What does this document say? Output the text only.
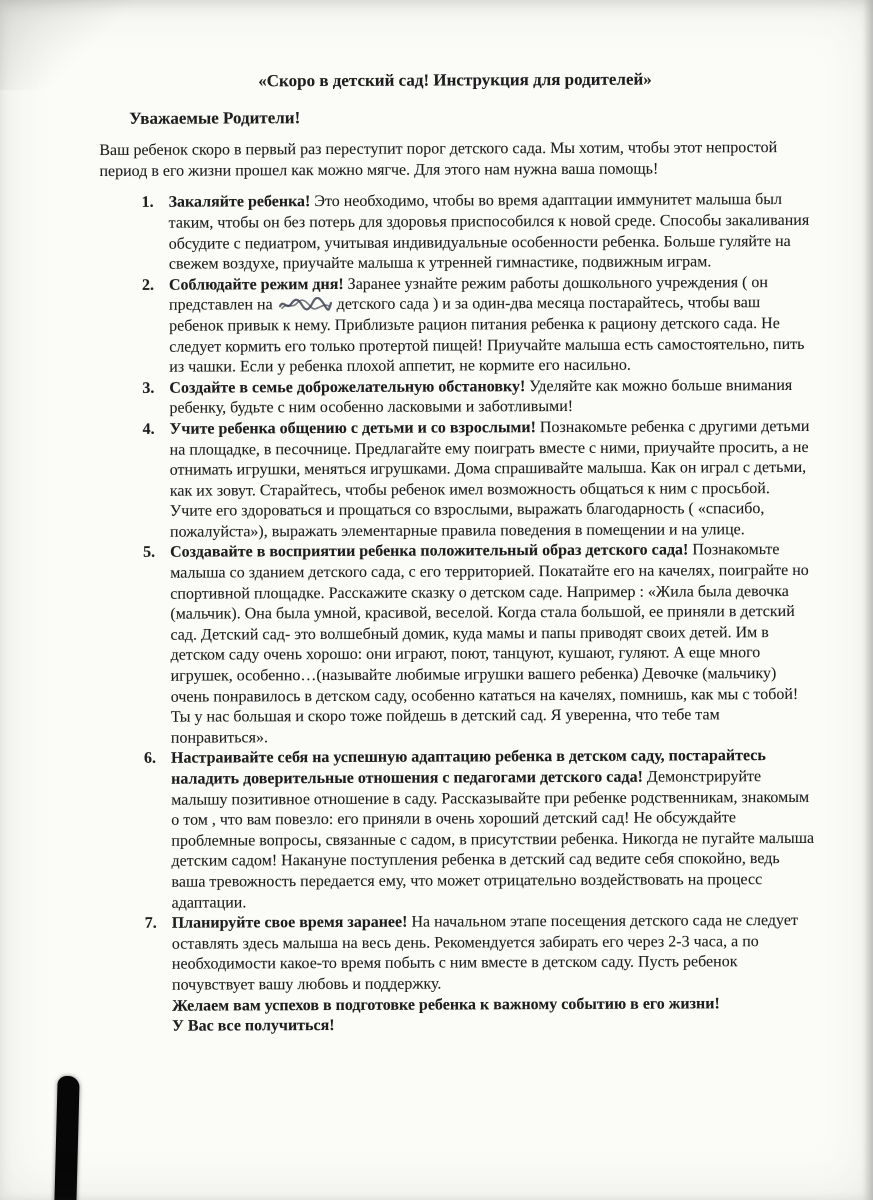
«Скоро в детский сад! Инструкция для родителей»
Уважаемые Родители!
Ваш ребенок скоро в первый раз переступит порог детского сада. Мы хотим, чтобы этот непростой период в его жизни прошел как можно мягче. Для этого нам нужна ваша помощь!
1. Закаляйте ребенка! Это необходимо, чтобы во время адаптации иммунитет малыша был таким, чтобы он без потерь для здоровья приспособился к новой среде. Способы закаливания обсудите с педиатром, учитывая индивидуальные особенности ребенка. Больше гуляйте на свежем воздухе, приучайте малыша к утренней гимнастике, подвижным играм.
2. Соблюдайте режим дня! Заранее узнайте режим работы дошкольного учреждения ( он представлен на	детского сада ) и за один-два месяца постарайтесь, чтобы ваш ребенок привык к нему. Приблизьте рацион питания ребенка к рациону детского сада. Не следует кормить его только протертой пищей! Приучайте малыша есть самостоятельно, пить из чашки. Если у ребенка плохой аппетит, не кормите его насильно.
3. Создайте в семье доброжелательную обстановку! Уделяйте как можно больше внимания ребенку, будьте с ним особенно ласковыми и заботливыми!
4. Учите ребенка общению с детьми и со взрослыми! Познакомьте ребенка с другими детьми на площадке, в песочнице. Предлагайте ему поиграть вместе с ними, приучайте просить, а не отнимать игрушки, меняться игрушками. Дома спрашивайте малыша. Как он играл с детьми, как их зовут. Старайтесь, чтобы ребенок имел возможность общаться к ним с просьбой. Учите его здороваться и прощаться со взрослыми, выражать благодарность ( «спасибо, пожалуйста»), выражать элементарные правила поведения в помещении и на улице.
5. Создавайте в восприятии ребенка положительный образ детского сада! Познакомьте малыша со зданием детского сада, с его территорией. Покатайте его на качелях, поиграйте но спортивной площадке. Расскажите сказку о детском саде. Например : «Жила была девочка (мальчик). Она была умной, красивой, веселой. Когда стала большой, ее приняли в детский сад. Детский сад- это волшебный домик, куда мамы и папы приводят своих детей. Им в детском саду очень хорошо: они играют, поют, танцуют, кушают, гуляют. А еще много игрушек, особенно…(называйте любимые игрушки вашего ребенка) Девочке (мальчику) очень понравилось в детском саду, особенно кататься на качелях, помнишь, как мы с тобой! Ты у нас большая и скоро тоже пойдешь в детский сад. Я уверенна, что тебе там понравиться».
6. Настраивайте себя на успешную адаптацию ребенка в детском саду, постарайтесь наладить доверительные отношения с педагогами детского сада! Демонстрируйте малышу позитивное отношение в саду. Рассказывайте при ребенке родственникам, знакомым о том , что вам повезло: его приняли в очень хороший детский сад! Не обсуждайте проблемные вопросы, связанные с садом, в присутствии ребенка. Никогда не пугайте малыша детским садом! Накануне поступления ребенка в детский сад ведите себя спокойно, ведь ваша тревожность передается ему, что может отрицательно воздействовать на процесс адаптации.
7. Планируйте свое время заранее! На начальном этапе посещения детского сада не следует оставлять здесь малыша на весь день. Рекомендуется забирать его через 2-3 часа, а по необходимости какое-то время побыть с ним вместе в детском саду. Пусть ребенок почувствует вашу любовь и поддержку.
Желаем вам успехов в подготовке ребенка к важному событию в его жизни!
У Вас все получиться!
